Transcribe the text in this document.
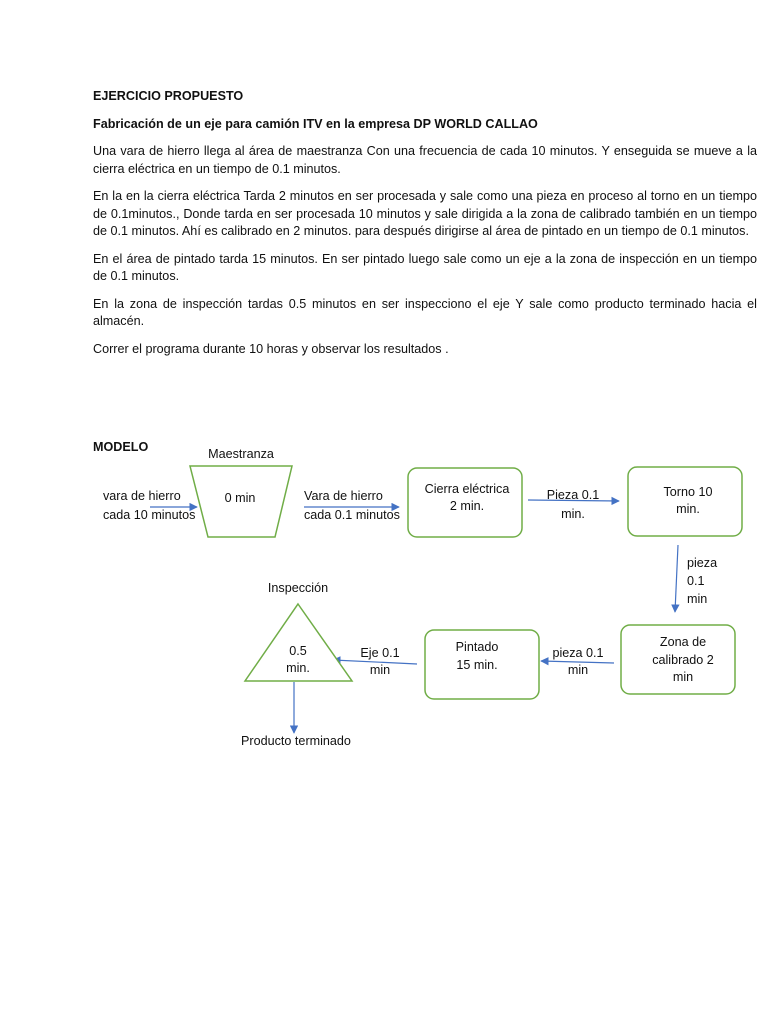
EJERCICIO PROPUESTO

Fabricación de un eje para camión ITV en la empresa DP WORLD CALLAO

Una vara de hierro llega al área de maestranza Con una frecuencia de cada 10 minutos. Y enseguida se mueve a la cierra eléctrica en un tiempo de 0.1 minutos.

En la en la cierra eléctrica Tarda 2 minutos en ser procesada y sale como una pieza en proceso al torno en un tiempo de 0.1minutos., Donde tarda en ser procesada 10 minutos y sale dirigida a la zona de calibrado también en un tiempo de 0.1 minutos. Ahí es calibrado en 2 minutos. para después dirigirse al área de pintado en un tiempo de 0.1 minutos.

En el área de pintado tarda 15 minutos. En ser pintado luego sale como un eje a la zona de inspección en un tiempo de 0.1 minutos.

En la zona de inspección tardas 0.5 minutos en ser inspecciono el eje Y sale como producto terminado hacia el almacén.

Correr el programa durante 10 horas y observar los resultados .

MODELO	Maestranza
0 min
vara de hierro
cada 10 minutos
Vara de hierro
cada 0.1 minutos
Cierra eléctrica
2 min.
Pieza 0.1
min.
Torno 10
min.
pieza
0.1
min
Zona de
calibrado 2
min
pieza 0.1
min
Pintado
15 min.
Eje 0.1
min
Inspección
0.5
min.
Producto terminado
